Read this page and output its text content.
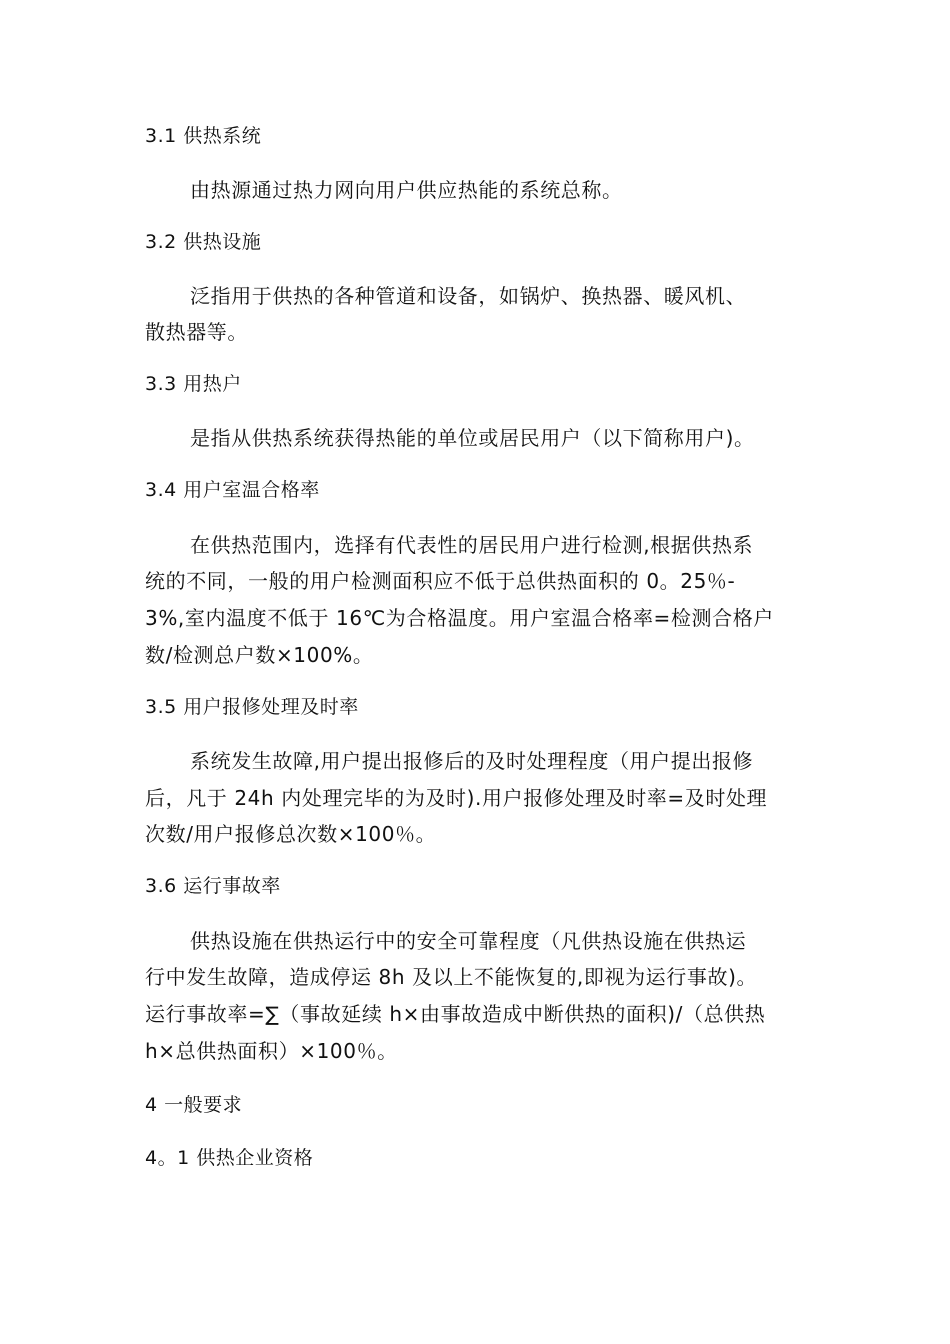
3.1 供热系统
由热源通过热力网向用户供应热能的系统总称。
3.2 供热设施
泛指用于供热的各种管道和设备，如锅炉、换热器、暖风机、
散热器等。
3.3 用热户
是指从供热系统获得热能的单位或居民用户（以下简称用户)。
3.4 用户室温合格率
在供热范围内，选择有代表性的居民用户进行检测,根据供热系
统的不同，一般的用户检测面积应不低于总供热面积的 0。25％-
3%,室内温度不低于 16℃为合格温度。用户室温合格率=检测合格户
数/检测总户数×100%。
3.5 用户报修处理及时率
系统发生故障,用户提出报修后的及时处理程度（用户提出报修
后，凡于 24h 内处理完毕的为及时).用户报修处理及时率=及时处理
次数/用户报修总次数×100％。
3.6 运行事故率
供热设施在供热运行中的安全可靠程度（凡供热设施在供热运
行中发生故障，造成停运 8h 及以上不能恢复的,即视为运行事故)。
运行事故率=∑（事故延续 h×由事故造成中断供热的面积)/（总供热
h×总供热面积）×100％。
4 一般要求
4。1 供热企业资格
